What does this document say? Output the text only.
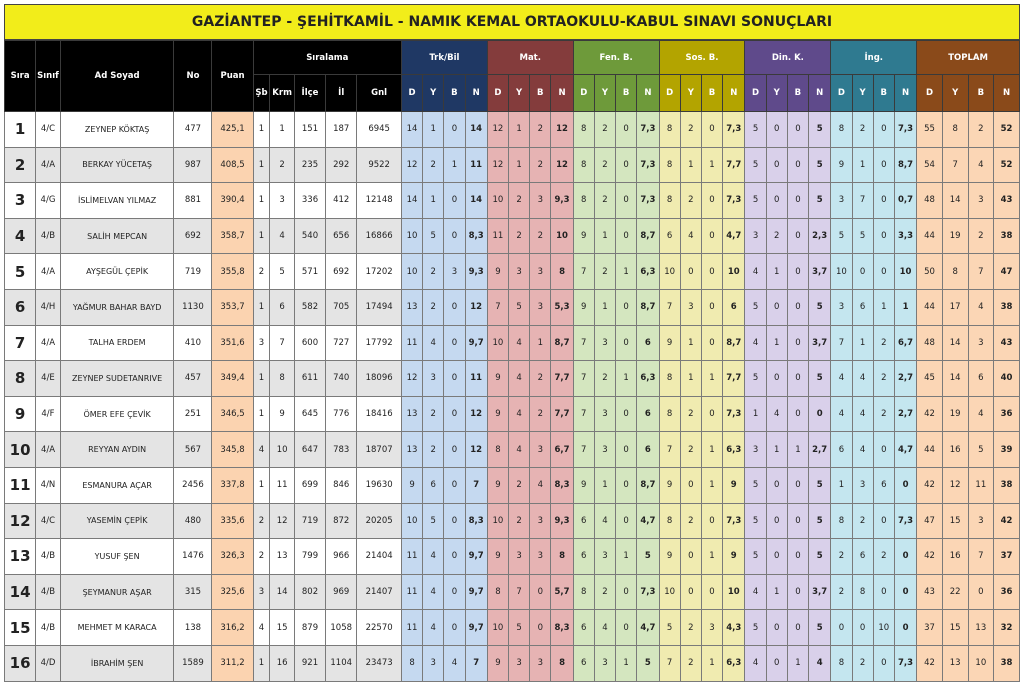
GAZİANTEP - ŞEHİTKAMİL - NAMIK KEMAL ORTAOKULU-KABUL SINAVI SONUÇLARI
Sıra	Sınıf	Ad Soyad	No	Puan	Sıralama					Trk/Bil				Mat.				Fen. B.				Sos. B.				Din. K.				İng.				TOPLAM			
					Şb	Krm	İlçe	İl	Gnl	D	Y	B	N	D	Y	B	N	D	Y	B	N	D	Y	B	N	D	Y	B	N	D	Y	B	N	D	Y	B	N
1	4/C	ZEYNEP KÖKTAŞ	477	425,1	1	1	151	187	6945	14	1	0	14	12	1	2	12	8	2	0	7,3	8	2	0	7,3	5	0	0	5	8	2	0	7,3	55	8	2	52
2	4/A	BERKAY YÜCETAŞ	987	408,5	1	2	235	292	9522	12	2	1	11	12	1	2	12	8	2	0	7,3	8	1	1	7,7	5	0	0	5	9	1	0	8,7	54	7	4	52
3	4/G	İSLİMELVAN YILMAZ	881	390,4	1	3	336	412	12148	14	1	0	14	10	2	3	9,3	8	2	0	7,3	8	2	0	7,3	5	0	0	5	3	7	0	0,7	48	14	3	43
4	4/B	SALİH MEPCAN	692	358,7	1	4	540	656	16866	10	5	0	8,3	11	2	2	10	9	1	0	8,7	6	4	0	4,7	3	2	0	2,3	5	5	0	3,3	44	19	2	38
5	4/A	AYŞEGÜL ÇEPİK	719	355,8	2	5	571	692	17202	10	2	3	9,3	9	3	3	8	7	2	1	6,3	10	0	0	10	4	1	0	3,7	10	0	0	10	50	8	7	47
6	4/H	YAĞMUR BAHAR BAYD	1130	353,7	1	6	582	705	17494	13	2	0	12	7	5	3	5,3	9	1	0	8,7	7	3	0	6	5	0	0	5	3	6	1	1	44	17	4	38
7	4/A	TALHA ERDEM	410	351,6	3	7	600	727	17792	11	4	0	9,7	10	4	1	8,7	7	3	0	6	9	1	0	8,7	4	1	0	3,7	7	1	2	6,7	48	14	3	43
8	4/E	ZEYNEP SUDETANRIVE	457	349,4	1	8	611	740	18096	12	3	0	11	9	4	2	7,7	7	2	1	6,3	8	1	1	7,7	5	0	0	5	4	4	2	2,7	45	14	6	40
9	4/F	ÖMER EFE ÇEVİK	251	346,5	1	9	645	776	18416	13	2	0	12	9	4	2	7,7	7	3	0	6	8	2	0	7,3	1	4	0	0	4	4	2	2,7	42	19	4	36
10	4/A	REYYAN AYDIN	567	345,8	4	10	647	783	18707	13	2	0	12	8	4	3	6,7	7	3	0	6	7	2	1	6,3	3	1	1	2,7	6	4	0	4,7	44	16	5	39
11	4/N	ESMANURA AÇAR	2456	337,8	1	11	699	846	19630	9	6	0	7	9	2	4	8,3	9	1	0	8,7	9	0	1	9	5	0	0	5	1	3	6	0	42	12	11	38
12	4/C	YASEMİN ÇEPİK	480	335,6	2	12	719	872	20205	10	5	0	8,3	10	2	3	9,3	6	4	0	4,7	8	2	0	7,3	5	0	0	5	8	2	0	7,3	47	15	3	42
13	4/B	YUSUF ŞEN	1476	326,3	2	13	799	966	21404	11	4	0	9,7	9	3	3	8	6	3	1	5	9	0	1	9	5	0	0	5	2	6	2	0	42	16	7	37
14	4/B	ŞEYMANUR AŞAR	315	325,6	3	14	802	969	21407	11	4	0	9,7	8	7	0	5,7	8	2	0	7,3	10	0	0	10	4	1	0	3,7	2	8	0	0	43	22	0	36
15	4/B	MEHMET M KARACA	138	316,2	4	15	879	1058	22570	11	4	0	9,7	10	5	0	8,3	6	4	0	4,7	5	2	3	4,3	5	0	0	5	0	0	10	0	37	15	13	32
16	4/D	İBRAHİM ŞEN	1589	311,2	1	16	921	1104	23473	8	3	4	7	9	3	3	8	6	3	1	5	7	2	1	6,3	4	0	1	4	8	2	0	7,3	42	13	10	38
